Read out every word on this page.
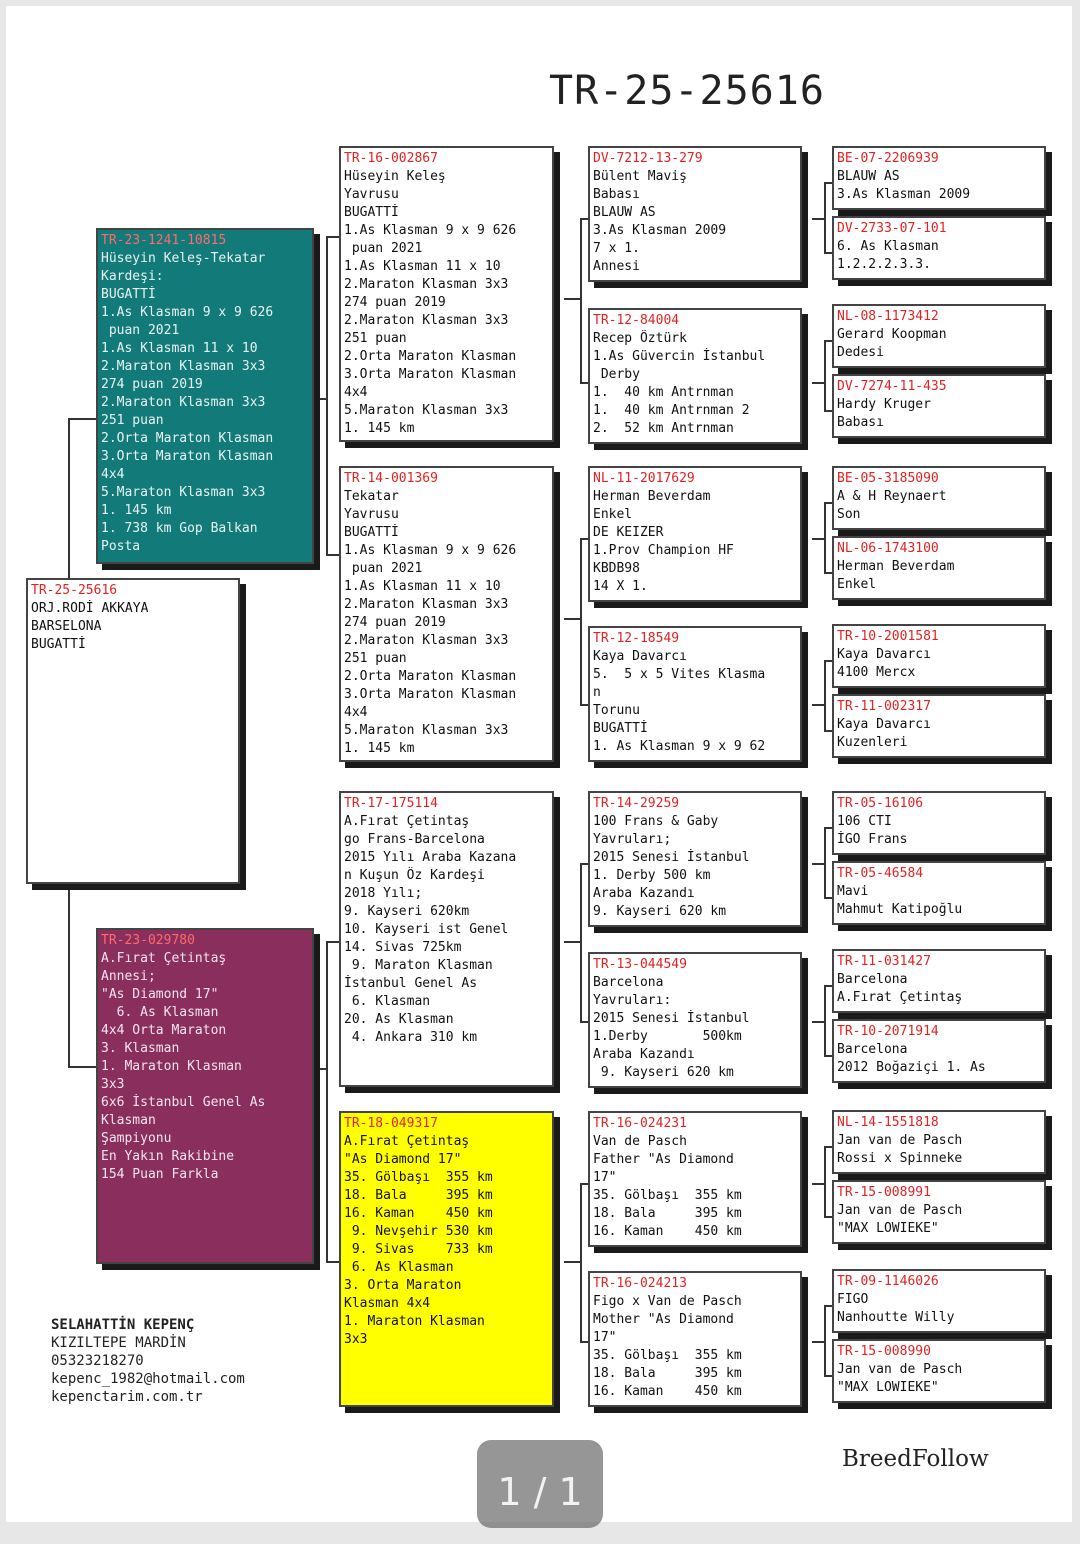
TR-25-25616
TR-25-25616
ORJ.RODİ AKKAYA
BARSELONA
BUGATTİ
TR-23-1241-10815
Hüseyin Keleş-Tekatar
Kardeşi:
BUGATTİ
1.As Klasman 9 x 9 626
puan 2021
1.As Klasman 11 x 10
2.Maraton Klasman 3x3
274 puan 2019
2.Maraton Klasman 3x3
251 puan
2.Orta Maraton Klasman
3.Orta Maraton Klasman
4x4
5.Maraton Klasman 3x3
1. 145 km
1. 738 km Gop Balkan
Posta
TR-23-029780
A.Fırat Çetintaş
Annesi;
"As Diamond 17"
6. As Klasman
4x4 Orta Maraton
3. Klasman
1. Maraton Klasman
3x3
6x6 İstanbul Genel As
Klasman
Şampiyonu
En Yakın Rakibine
154 Puan Farkla
TR-16-002867
Hüseyin Keleş
Yavrusu
BUGATTİ
1.As Klasman 9 x 9 626
puan 2021
1.As Klasman 11 x 10
2.Maraton Klasman 3x3
274 puan 2019
2.Maraton Klasman 3x3
251 puan
2.Orta Maraton Klasman
3.Orta Maraton Klasman
4x4
5.Maraton Klasman 3x3
1. 145 km
TR-14-001369
Tekatar
Yavrusu
BUGATTİ
1.As Klasman 9 x 9 626
puan 2021
1.As Klasman 11 x 10
2.Maraton Klasman 3x3
274 puan 2019
2.Maraton Klasman 3x3
251 puan
2.Orta Maraton Klasman
3.Orta Maraton Klasman
4x4
5.Maraton Klasman 3x3
1. 145 km
TR-17-175114
A.Fırat Çetintaş
go Frans-Barcelona
2015 Yılı Araba Kazana
n Kuşun Öz Kardeşi
2018 Yılı;
9. Kayseri 620km
10. Kayseri ist Genel
14. Sivas 725km
9. Maraton Klasman
İstanbul Genel As
6. Klasman
20. As Klasman
4. Ankara 310 km
TR-18-049317
A.Fırat Çetintaş
"As Diamond 17"
35. Gölbaşı  355 km
18. Bala     395 km
16. Kaman    450 km
9. Nevşehir 530 km
9. Sivas    733 km
6. As Klasman
3. Orta Maraton
Klasman 4x4
1. Maraton Klasman
3x3
DV-7212-13-279
Bülent Maviş
Babası
BLAUW AS
3.As Klasman 2009
7 x 1.
Annesi
TR-12-84004
Recep Öztürk
1.As Güvercin İstanbul
Derby
1.  40 km Antrnman
1.  40 km Antrnman 2
2.  52 km Antrnman
NL-11-2017629
Herman Beverdam
Enkel
DE KEIZER
1.Prov Champion HF
KBDB98
14 X 1.
TR-12-18549
Kaya Davarcı
5.  5 x 5 Vites Klasma
n
Torunu
BUGATTİ
1. As Klasman 9 x 9 62
TR-14-29259
100 Frans & Gaby
Yavruları;
2015 Senesi İstanbul
1. Derby 500 km
Araba Kazandı
9. Kayseri 620 km
TR-13-044549
Barcelona
Yavruları:
2015 Senesi İstanbul
1.Derby       500km
Araba Kazandı
9. Kayseri 620 km
TR-16-024231
Van de Pasch
Father "As Diamond
17"
35. Gölbaşı  355 km
18. Bala     395 km
16. Kaman    450 km
TR-16-024213
Figo x Van de Pasch
Mother "As Diamond
17"
35. Gölbaşı  355 km
18. Bala     395 km
16. Kaman    450 km
BE-07-2206939
BLAUW AS
3.As Klasman 2009
DV-2733-07-101
6. As Klasman
1.2.2.2.3.3.
NL-08-1173412
Gerard Koopman
Dedesi
DV-7274-11-435
Hardy Kruger
Babası
BE-05-3185090
A & H Reynaert
Son
NL-06-1743100
Herman Beverdam
Enkel
TR-10-2001581
Kaya Davarcı
4100 Mercx
TR-11-002317
Kaya Davarcı
Kuzenleri
TR-05-16106
106 CTI
İGO Frans
TR-05-46584
Mavi
Mahmut Katipoğlu
TR-11-031427
Barcelona
A.Fırat Çetintaş
TR-10-2071914
Barcelona
2012 Boğaziçi 1. As
NL-14-1551818
Jan van de Pasch
Rossi x Spinneke
TR-15-008991
Jan van de Pasch
"MAX LOWIEKE"
TR-09-1146026
FIGO
Nanhoutte Willy
TR-15-008990
Jan van de Pasch
"MAX LOWIEKE"
SELAHATTİN KEPENÇ
KIZILTEPE MARDİN
05323218270
kepenc_1982@hotmail.com
kepenctarim.com.tr
BreedFollow
1 / 1
